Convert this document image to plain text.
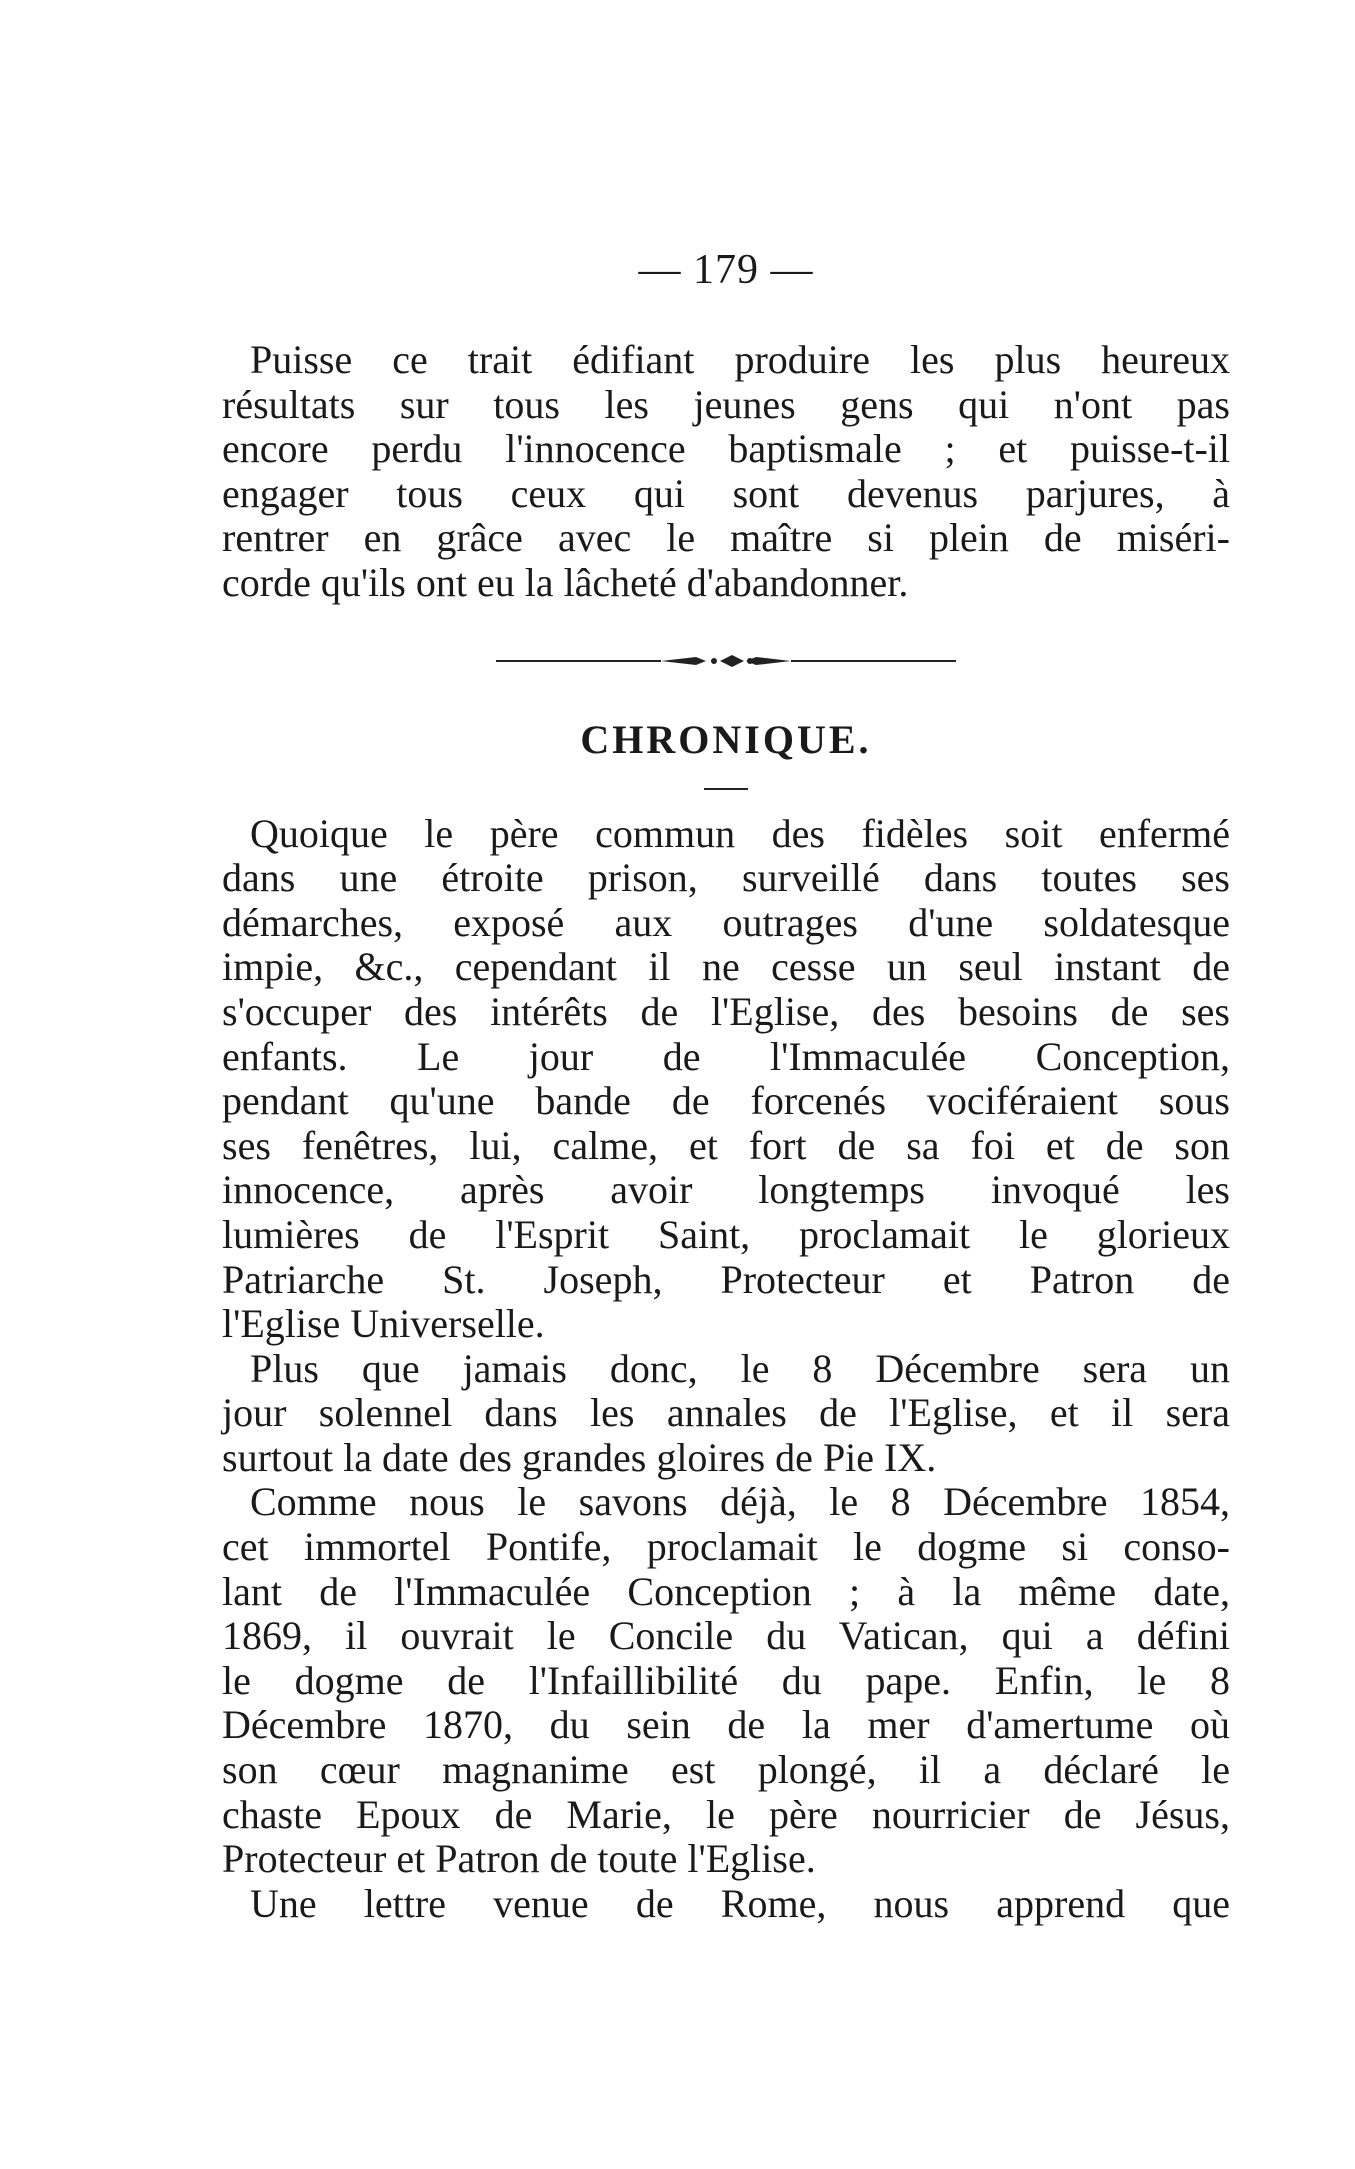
— 179 —

Puisse ce trait édifiant produire les plus heureux
résultats sur tous les jeunes gens qui n'ont pas
encore perdu l'innocence baptismale ; et puisse-t-il
engager tous ceux qui sont devenus parjures, à
rentrer en grâce avec le maître si plein de miséri-
corde qu'ils ont eu la lâcheté d'abandonner.

CHRONIQUE.

Quoique le père commun des fidèles soit enfermé
dans une étroite prison, surveillé dans toutes ses
démarches, exposé aux outrages d'une soldatesque
impie, &c., cependant il ne cesse un seul instant de
s'occuper des intérêts de l'Eglise, des besoins de ses
enfants. Le jour de l'Immaculée Conception,
pendant qu'une bande de forcenés vociféraient sous
ses fenêtres, lui, calme, et fort de sa foi et de son
innocence, après avoir longtemps invoqué les
lumières de l'Esprit Saint, proclamait le glorieux
Patriarche St. Joseph, Protecteur et Patron de
l'Eglise Universelle.

Plus que jamais donc, le 8 Décembre sera un
jour solennel dans les annales de l'Eglise, et il sera
surtout la date des grandes gloires de Pie IX.

Comme nous le savons déjà, le 8 Décembre 1854,
cet immortel Pontife, proclamait le dogme si conso-
lant de l'Immaculée Conception ; à la même date,
1869, il ouvrait le Concile du Vatican, qui a défini
le dogme de l'Infaillibilité du pape. Enfin, le 8
Décembre 1870, du sein de la mer d'amertume où
son cœur magnanime est plongé, il a déclaré le
chaste Epoux de Marie, le père nourricier de Jésus,
Protecteur et Patron de toute l'Eglise.

Une lettre venue de Rome, nous apprend que
